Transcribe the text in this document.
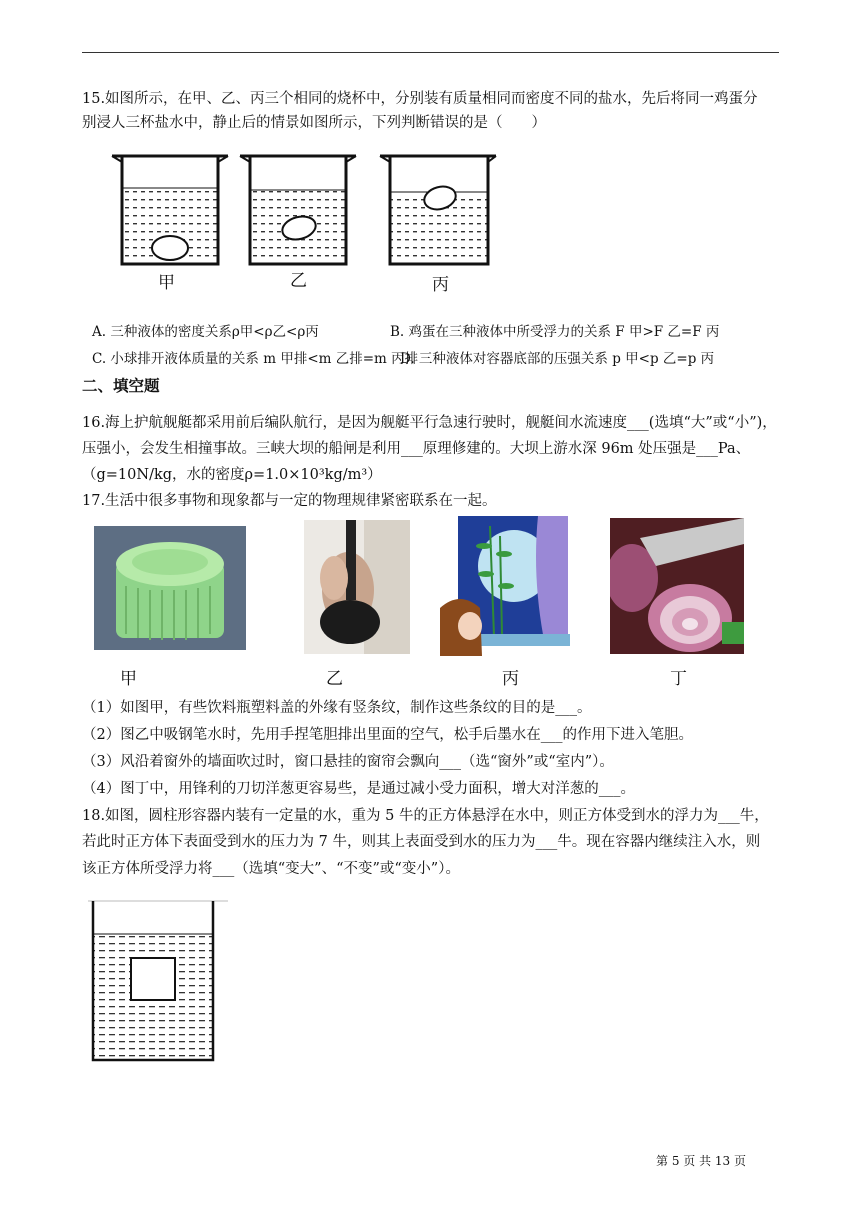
15.如图所示，在甲、乙、丙三个相同的烧杯中，分别装有质量相同而密度不同的盐水，先后将同一鸡蛋分

别浸人三杯盐水中，静止后的情景如图所示，下列判断错误的是（　　）

甲	乙	丙
A. 三种液体的密度关系ρ甲<ρ乙<ρ丙	B. 鸡蛋在三种液体中所受浮力的关系 F 甲>F 乙=F 丙
C. 小球排开液体质量的关系 m 甲排<m 乙排=m 丙排
D. 三种液体对容器底部的压强关系 p 甲<p 乙=p 丙
二、填空题

16.海上护航舰艇都采用前后编队航行，是因为舰艇平行急速行驶时，舰艇间水流速度___(选填“大”或“小”)，

压强小，会发生相撞事故。三峡大坝的船闸是利用___原理修建的。大坝上游水深 96m 处压强是___Pa、

（g=10N/kg，水的密度ρ=1.0×10³kg/m³）

17.生活中很多事物和现象都与一定的物理规律紧密联系在一起。

甲	乙	丙	丁

（1）如图甲，有些饮料瓶塑料盖的外缘有竖条纹，制作这些条纹的目的是___。

（2）图乙中吸钢笔水时，先用手捏笔胆排出里面的空气，松手后墨水在___的作用下进入笔胆。

（3）风沿着窗外的墙面吹过时，窗口悬挂的窗帘会飘向___（选“窗外”或“室内”）。

（4）图丁中，用锋利的刀切洋葱更容易些，是通过减小受力面积，增大对洋葱的___。

18.如图，圆柱形容器内装有一定量的水，重为 5 牛的正方体悬浮在水中，则正方体受到水的浮力为___牛，

若此时正方体下表面受到水的压力为 7 牛，则其上表面受到水的压力为___牛。现在容器内继续注入水，则

该正方体所受浮力将___（选填“变大”、“不变”或“变小”）。

第 5 页 共 13 页
